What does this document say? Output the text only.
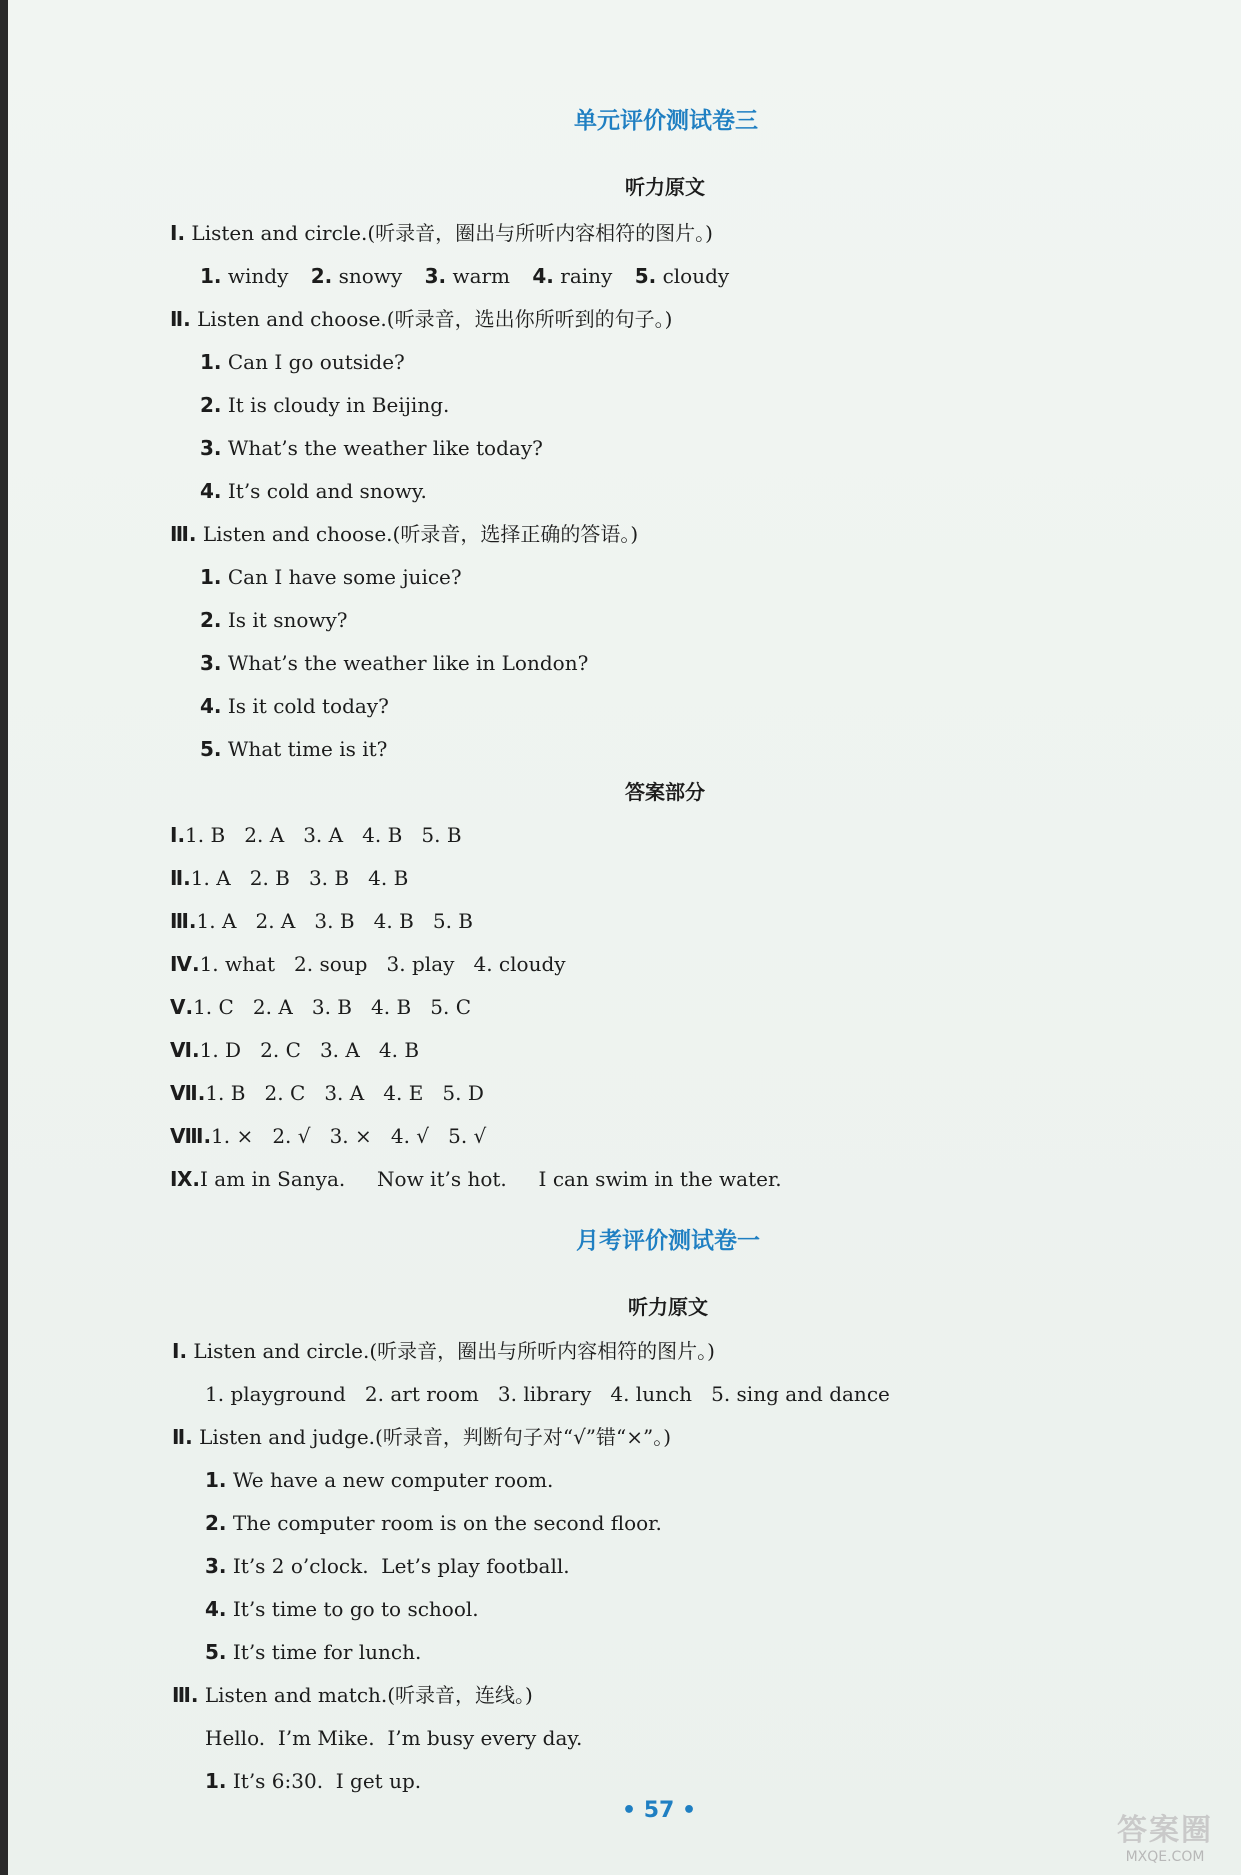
单元评价测试卷三
听力原文
Ⅰ. Listen and circle.(听录音，圈出与所听内容相符的图片。)
1. windy 2. snowy 3. warm 4. rainy 5. cloudy
Ⅱ. Listen and choose.(听录音，选出你所听到的句子。)
1. Can I go outside?
2. It is cloudy in Beijing.
3. What’s the weather like today?
4. It’s cold and snowy.
Ⅲ. Listen and choose.(听录音，选择正确的答语。)
1. Can I have some juice?
2. Is it snowy?
3. What’s the weather like in London?
4. Is it cold today?
5. What time is it?
答案部分
Ⅰ.1. B   2. A   3. A   4. B   5. B
Ⅱ.1. A   2. B   3. B   4. B
Ⅲ.1. A   2. A   3. B   4. B   5. B
Ⅳ.1. what   2. soup   3. play   4. cloudy
Ⅴ.1. C   2. A   3. B   4. B   5. C
Ⅵ.1. D   2. C   3. A   4. B
Ⅶ.1. B   2. C   3. A   4. E   5. D
Ⅷ.1. ×   2. √   3. ×   4. √   5. √
Ⅸ.I am in Sanya.     Now it’s hot.     I can swim in the water.
月考评价测试卷一
听力原文
Ⅰ. Listen and circle.(听录音，圈出与所听内容相符的图片。)
1. playground   2. art room   3. library   4. lunch   5. sing and dance
Ⅱ. Listen and judge.(听录音，判断句子对“√”错“×”。)
1. We have a new computer room.
2. The computer room is on the second floor.
3. It’s 2 o’clock.  Let’s play football.
4. It’s time to go to school.
5. It’s time for lunch.
Ⅲ. Listen and match.(听录音，连线。)
Hello.  I’m Mike.  I’m busy every day.
1. It’s 6:30.  I get up.
• 57 •
答案圈
MXQE.COM
